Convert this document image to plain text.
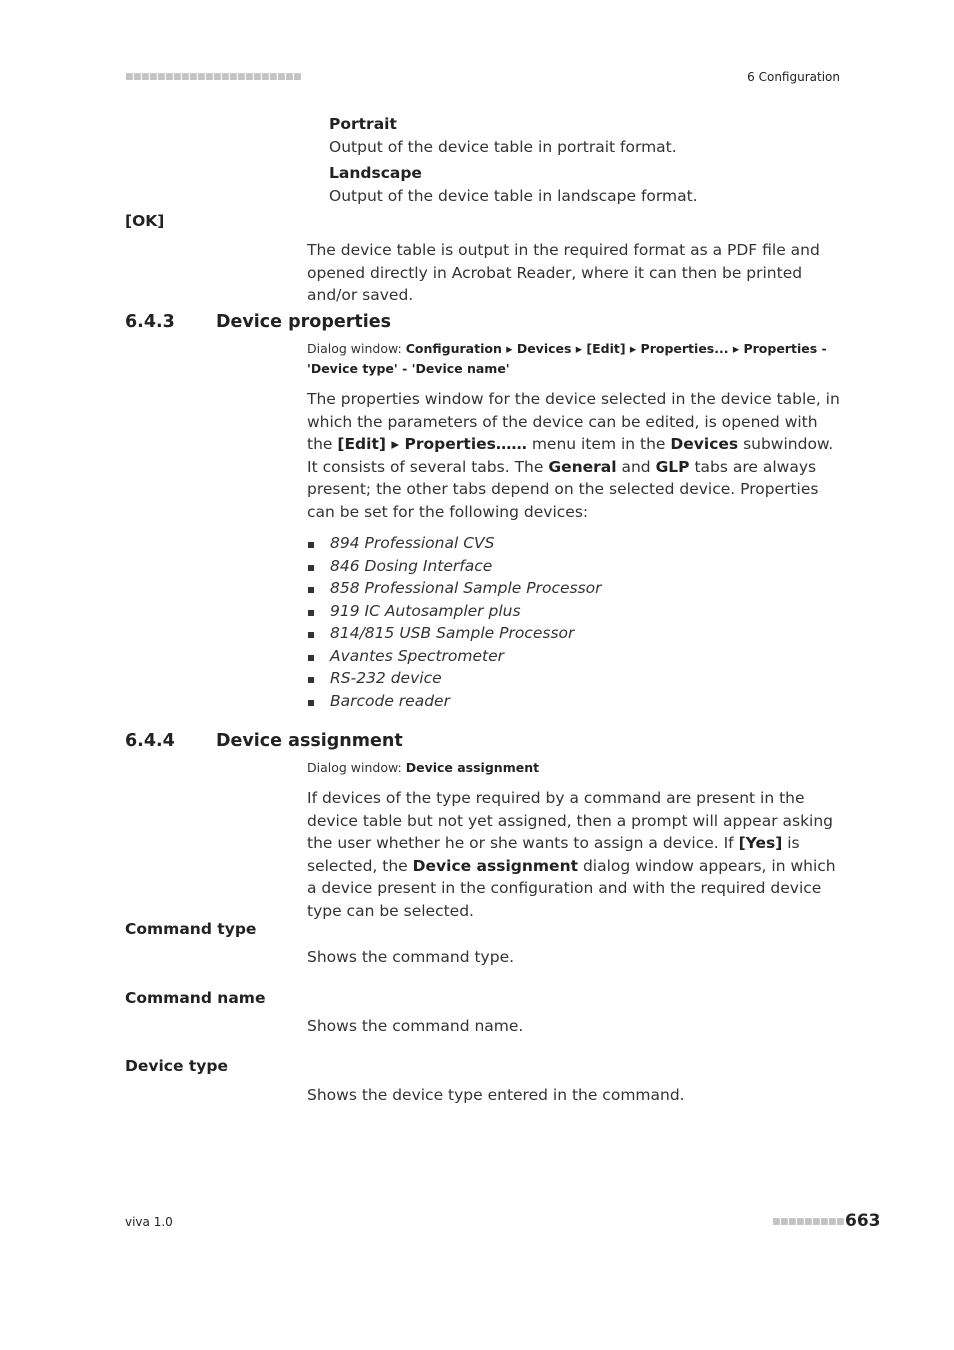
■■■■■■■■■■■■■■■■■■■■■■	6 Configuration
Portrait
Output of the device table in portrait format.
Landscape
Output of the device table in landscape format.
[OK]
The device table is output in the required format as a PDF file and opened directly in Acrobat Reader, where it can then be printed and/or saved.
6.4.3 Device properties
Dialog window: Configuration ▸ Devices ▸ [Edit] ▸ Properties... ▸ Properties - 'Device type' - 'Device name'
The properties window for the device selected in the device table, in which the parameters of the device can be edited, is opened with the [Edit] ▸ Properties…… menu item in the Devices subwindow. It consists of several tabs. The General and GLP tabs are always present; the other tabs depend on the selected device. Properties can be set for the following devices:
894 Professional CVS
846 Dosing Interface
858 Professional Sample Processor
919 IC Autosampler plus
814/815 USB Sample Processor
Avantes Spectrometer
RS-232 device
Barcode reader
6.4.4 Device assignment
Dialog window: Device assignment
If devices of the type required by a command are present in the device table but not yet assigned, then a prompt will appear asking the user whether he or she wants to assign a device. If [Yes] is selected, the Device assignment dialog window appears, in which a device present in the configuration and with the required device type can be selected.
Command type
Shows the command type.
Command name
Shows the command name.
Device type
Shows the device type entered in the command.
viva 1.0	■■■■■■■■■ 663
